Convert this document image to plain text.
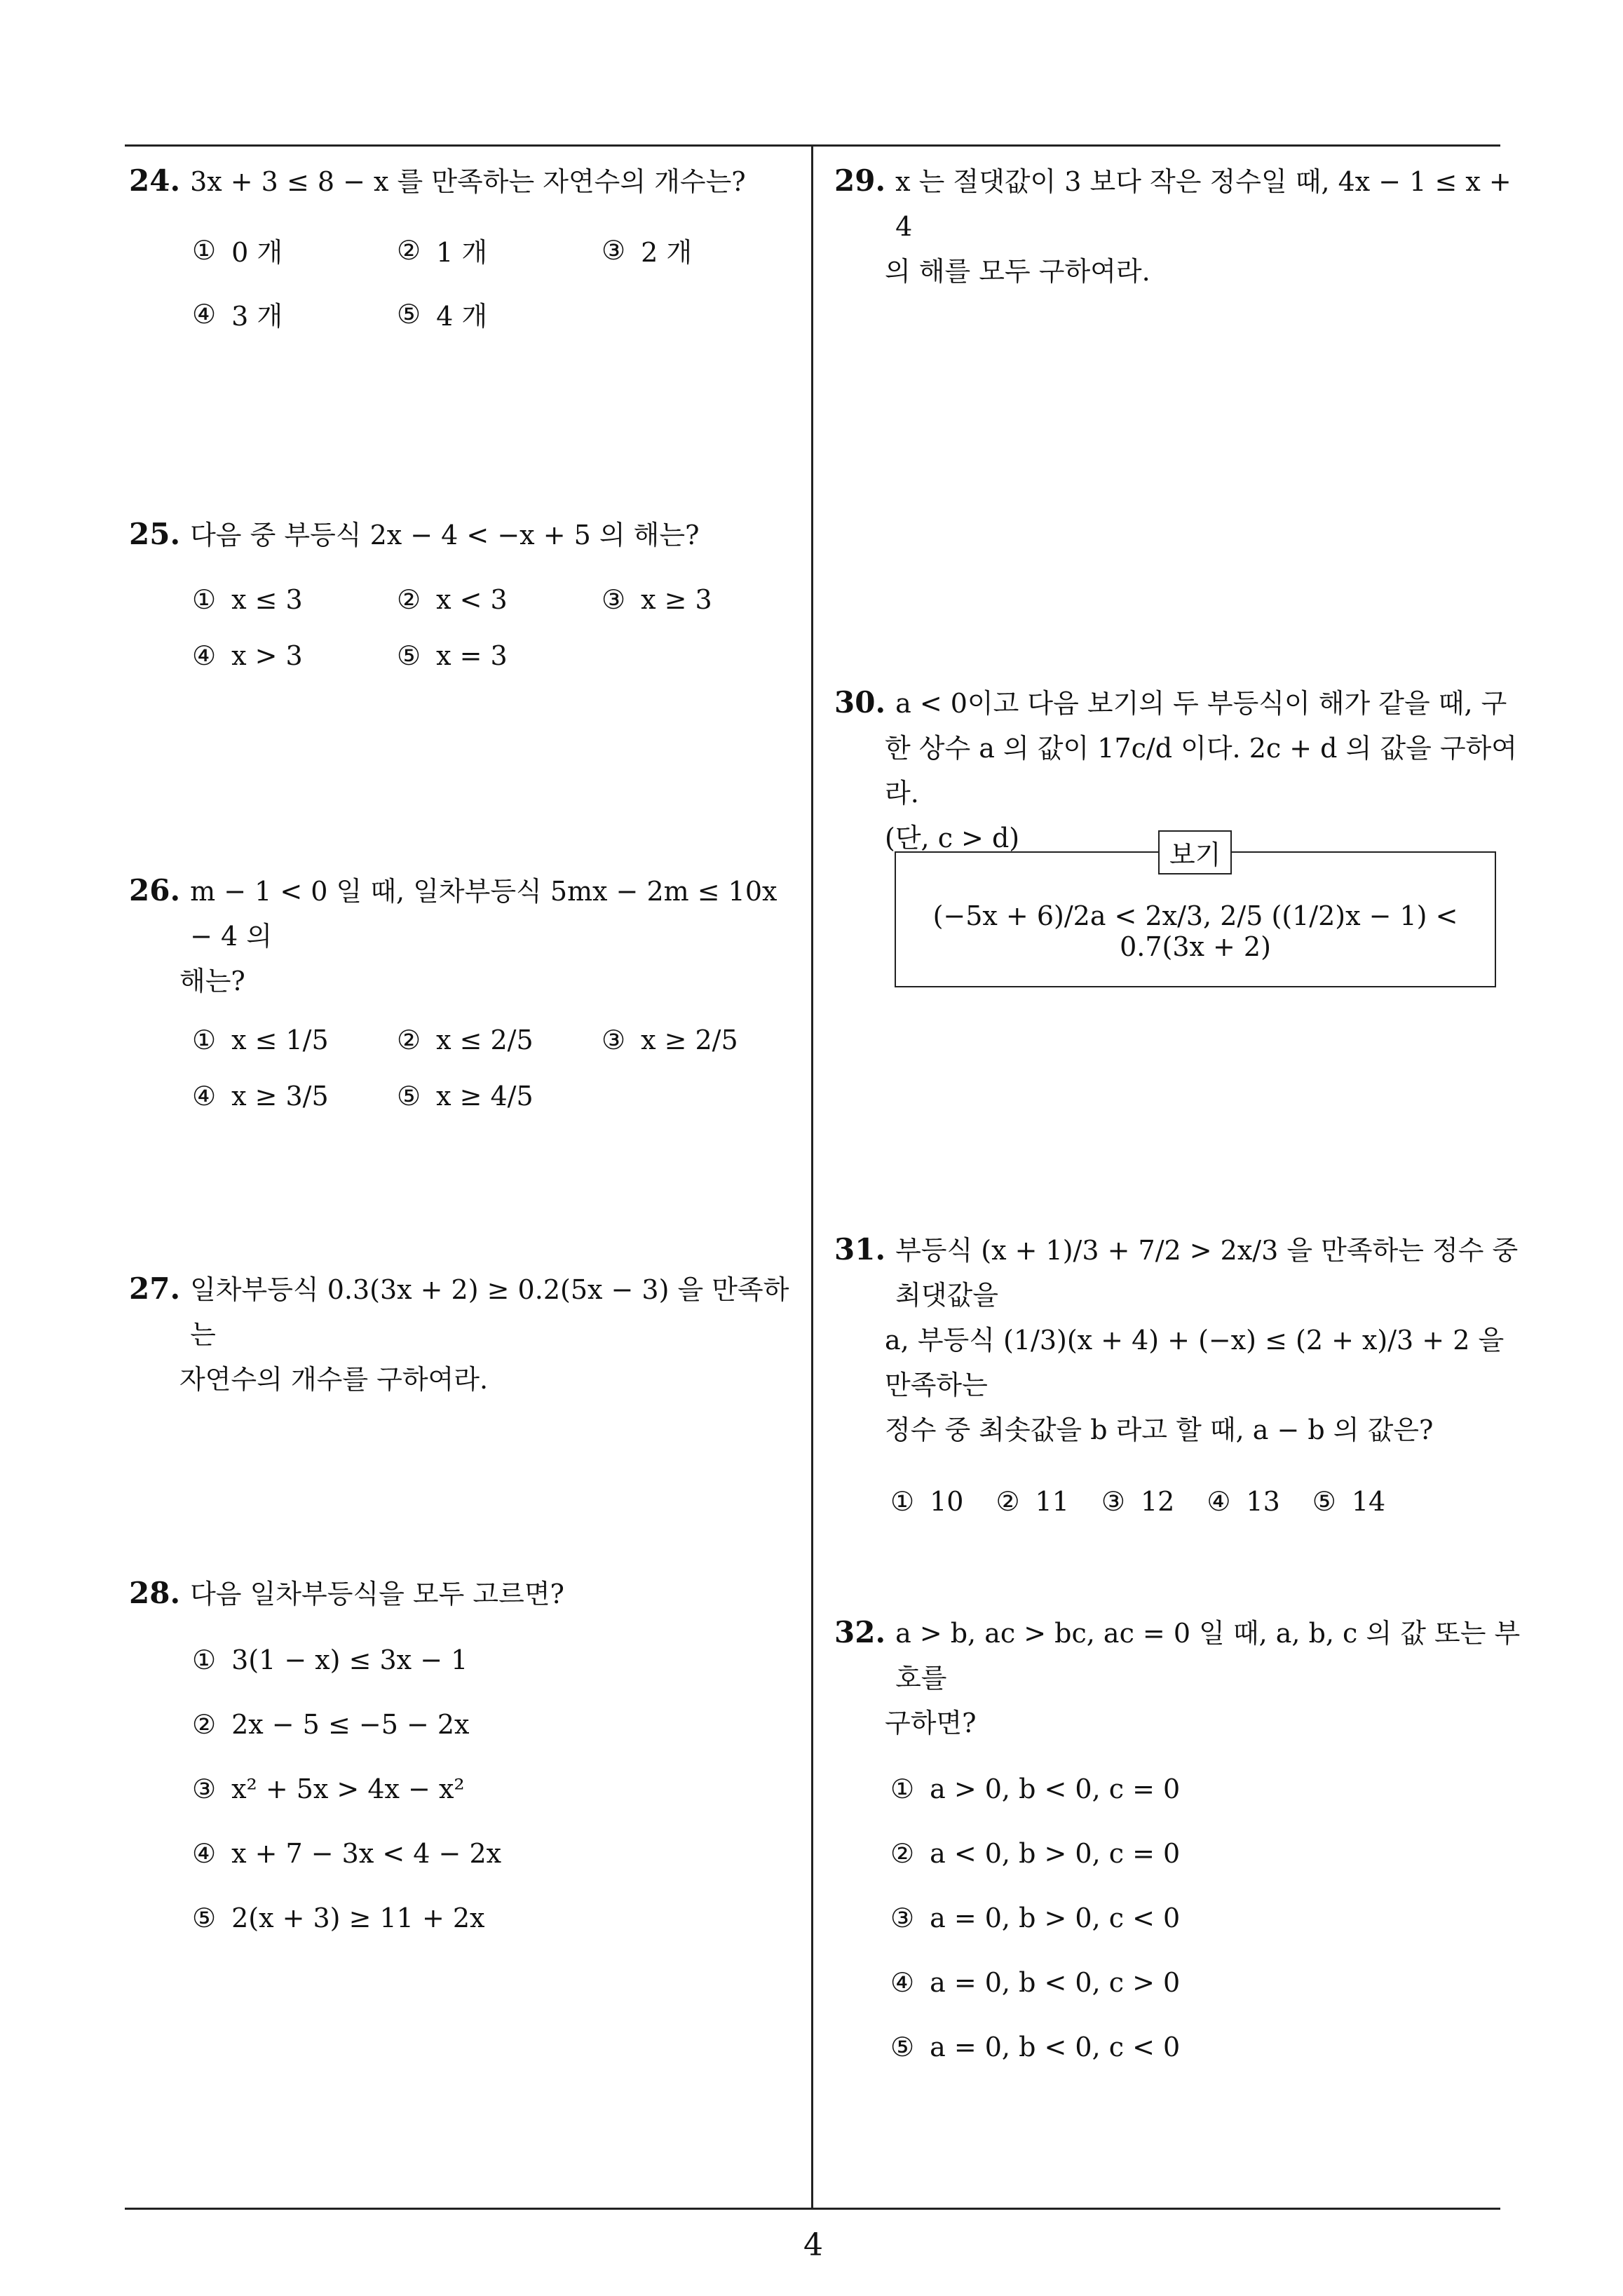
24. 3x + 3 ≤ 8 − x 를 만족하는 자연수의 개수는?
① 0 개	② 1 개	③ 2 개
④ 3 개	⑤ 4 개
25. 다음 중 부등식 2x − 4 < −x + 5 의 해는?
① x ≤ 3	② x < 3	③ x ≥ 3
④ x > 3	⑤ x = 3
26. m − 1 < 0 일 때, 일차부등식 5mx − 2m ≤ 10x − 4 의
해는?
① x ≤ 1/5	② x ≤ 2/5	③ x ≥ 2/5
④ x ≥ 3/5	⑤ x ≥ 4/5
27. 일차부등식 0.3(3x + 2) ≥ 0.2(5x − 3) 을 만족하는
자연수의 개수를 구하여라.
28. 다음 일차부등식을 모두 고르면?
① 3(1 − x) ≤ 3x − 1
② 2x − 5 ≤ −5 − 2x
③ x² + 5x > 4x − x²
④ x + 7 − 3x < 4 − 2x
⑤ 2(x + 3) ≥ 11 + 2x
29. x 는 절댓값이 3 보다 작은 정수일 때, 4x − 1 ≤ x + 4
의 해를 모두 구하여라.
30. a < 0이고 다음 보기의 두 부등식이 해가 같을 때, 구
한 상수 a 의 값이 17c/d 이다. 2c + d 의 값을 구하여라.
(단, c > d)
(−5x + 6)/2a < 2x/3, 2/5 ((1/2)x − 1) < 0.7(3x + 2)
보기
31. 부등식 (x + 1)/3 + 7/2 > 2x/3 을 만족하는 정수 중 최댓값을
a, 부등식 (1/3)(x + 4) + (−x) ≤ (2 + x)/3 + 2 을 만족하는
정수 중 최솟값을 b 라고 할 때, a − b 의 값은?
① 10 ② 11 ③ 12 ④ 13 ⑤ 14
32. a > b, ac > bc, ac = 0 일 때, a, b, c 의 값 또는 부호를
구하면?
① a > 0, b < 0, c = 0
② a < 0, b > 0, c = 0
③ a = 0, b > 0, c < 0
④ a = 0, b < 0, c > 0
⑤ a = 0, b < 0, c < 0
4
